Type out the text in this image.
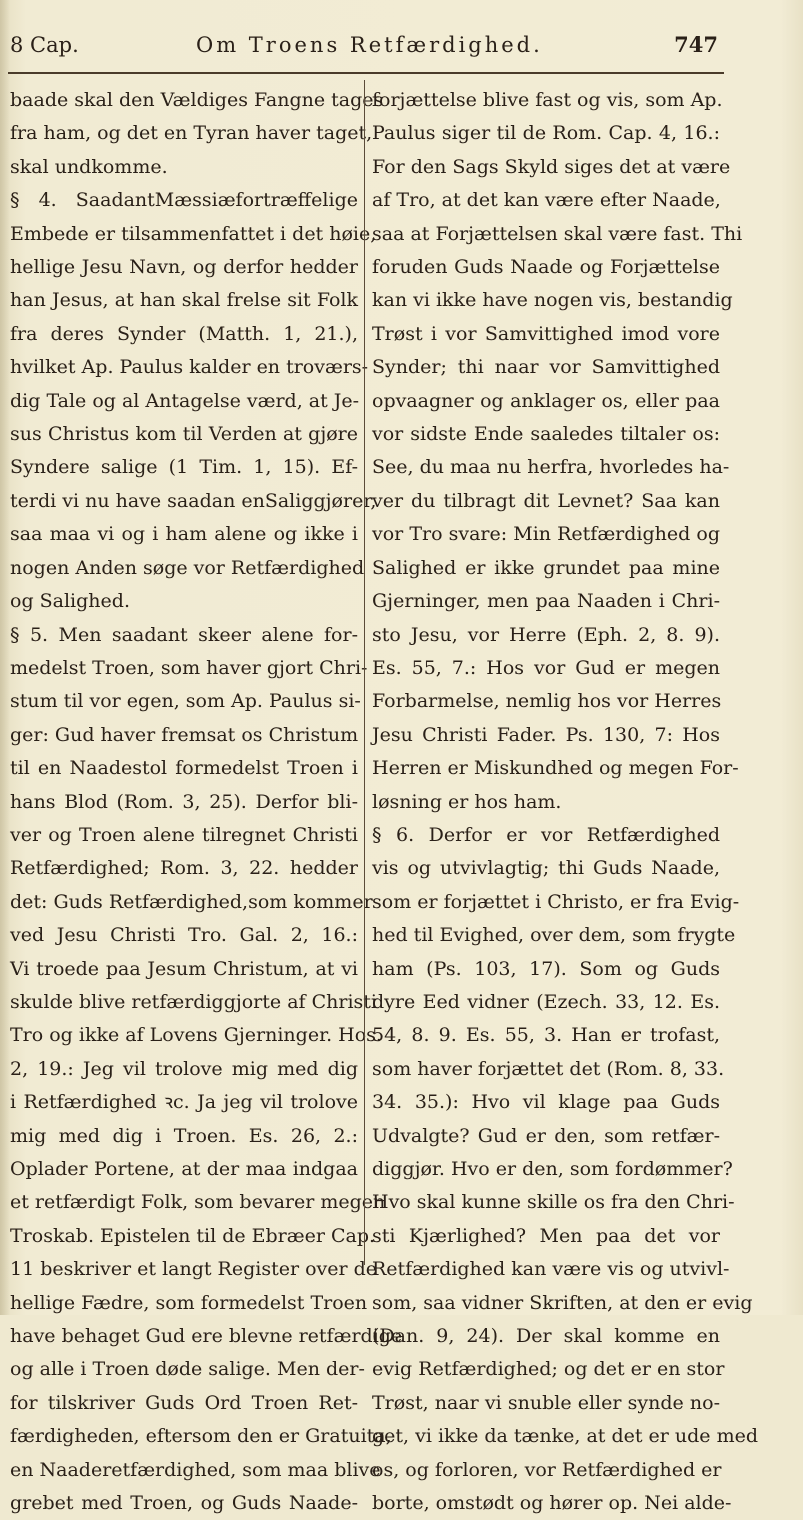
8 Cap.	Om Troens Retfærdighed.	747
baade skal den Vældiges Fangne tages
fra ham, og det en Tyran haver taget,
skal undkomme.
§ 4. SaadantMæssiæfortræffelige
Embede er tilsammenfattet i det høie,
hellige Jesu Navn, og derfor hedder
han Jesus, at han skal frelse sit Folk
fra deres Synder (Matth. 1, 21.),
hvilket Ap. Paulus kalder en troværs-
dig Tale og al Antagelse værd, at Je-
sus Christus kom til Verden at gjøre
Syndere salige (1 Tim. 1, 15). Ef-
terdi vi nu have saadan enSaliggjører,
saa maa vi og i ham alene og ikke i
nogen Anden søge vor Retfærdighed
og Salighed.
§ 5. Men saadant skeer alene for-
medelst Troen, som haver gjort Chri-
stum til vor egen, som Ap. Paulus si-
ger: Gud haver fremsat os Christum
til en Naadestol formedelst Troen i
hans Blod (Rom. 3, 25). Derfor bli-
ver og Troen alene tilregnet Christi
Retfærdighed; Rom. 3, 22. hedder
det: Guds Retfærdighed,som kommer
ved Jesu Christi Tro. Gal. 2, 16.:
Vi troede paa Jesum Christum, at vi
skulde blive retfærdiggjorte af Christi
Tro og ikke af Lovens Gjerninger. Hos.
2, 19.: Jeg vil trolove mig med dig
i Retfærdighed ꝛc. Ja jeg vil trolove
mig med dig i Troen. Es. 26, 2.:
Oplader Portene, at der maa indgaa
et retfærdigt Folk, som bevarer megen
Troskab. Epistelen til de Ebræer Cap.
11 beskriver et langt Register over de
hellige Fædre, som formedelst Troen
have behaget Gud ere blevne retfærdige
og alle i Troen døde salige. Men der-
for tilskriver Guds Ord Troen Ret-
færdigheden, eftersom den er Gratuita,
en Naaderetfærdighed, som maa blive
grebet med Troen, og Guds Naade-
forjættelse blive fast og vis, som Ap.
Paulus siger til de Rom. Cap. 4, 16.:
For den Sags Skyld siges det at være
af Tro, at det kan være efter Naade,
saa at Forjættelsen skal være fast. Thi
foruden Guds Naade og Forjættelse
kan vi ikke have nogen vis, bestandig
Trøst i vor Samvittighed imod vore
Synder; thi naar vor Samvittighed
opvaagner og anklager os, eller paa
vor sidste Ende saaledes tiltaler os:
See, du maa nu herfra, hvorledes ha-
ver du tilbragt dit Levnet? Saa kan
vor Tro svare: Min Retfærdighed og
Salighed er ikke grundet paa mine
Gjerninger, men paa Naaden i Chri-
sto Jesu, vor Herre (Eph. 2, 8. 9).
Es. 55, 7.: Hos vor Gud er megen
Forbarmelse, nemlig hos vor Herres
Jesu Christi Fader. Ps. 130, 7: Hos
Herren er Miskundhed og megen For-
løsning er hos ham.
§ 6. Derfor er vor Retfærdighed
vis og utvivlagtig; thi Guds Naade,
som er forjættet i Christo, er fra Evig-
hed til Evighed, over dem, som frygte
ham (Ps. 103, 17). Som og Guds
dyre Eed vidner (Ezech. 33, 12. Es.
54, 8. 9. Es. 55, 3. Han er trofast,
som haver forjættet det (Rom. 8, 33.
34. 35.): Hvo vil klage paa Guds
Udvalgte? Gud er den, som retfær-
diggjør. Hvo er den, som fordømmer?
Hvo skal kunne skille os fra den Chri-
sti Kjærlighed? Men paa det vor
Retfærdighed kan være vis og utvivl-
som, saa vidner Skriften, at den er evig
(Dan. 9, 24). Der skal komme en
evig Retfærdighed; og det er en stor
Trøst, naar vi snuble eller synde no-
get, vi ikke da tænke, at det er ude med
os, og forloren, vor Retfærdighed er
borte, omstødt og hører op. Nei alde-
